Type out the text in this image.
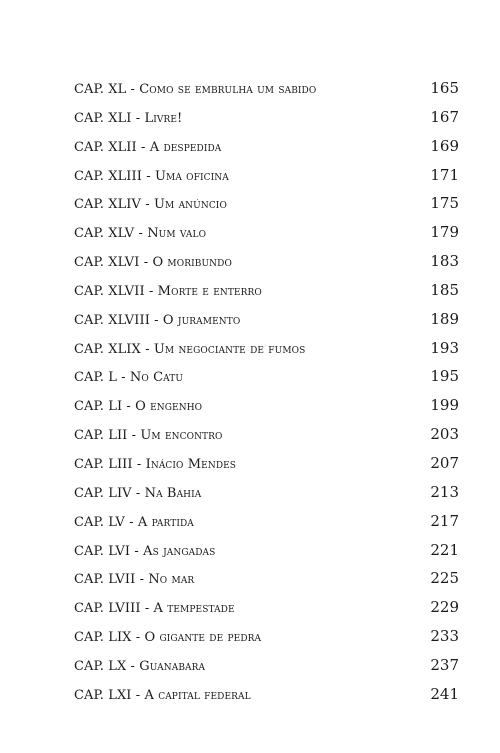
CAP. XL - Como se embrulha um sabido	165
CAP. XLI - Livre!	167
CAP. XLII - A despedida	169
CAP. XLIII - Uma oficina	171
CAP. XLIV - Um anúncio	175
CAP. XLV - Num valo	179
CAP. XLVI - O moribundo	183
CAP. XLVII - Morte e enterro	185
CAP. XLVIII - O juramento	189
CAP. XLIX - Um negociante de fumos	193
CAP. L - No Catu	195
CAP. LI - O engenho	199
CAP. LII - Um encontro	203
CAP. LIII - Inácio Mendes	207
CAP. LIV - Na Bahia	213
CAP. LV - A partida	217
CAP. LVI - As jangadas	221
CAP. LVII - No mar	225
CAP. LVIII - A tempestade	229
CAP. LIX - O gigante de pedra	233
CAP. LX - Guanabara	237
CAP. LXI - A capital federal	241
